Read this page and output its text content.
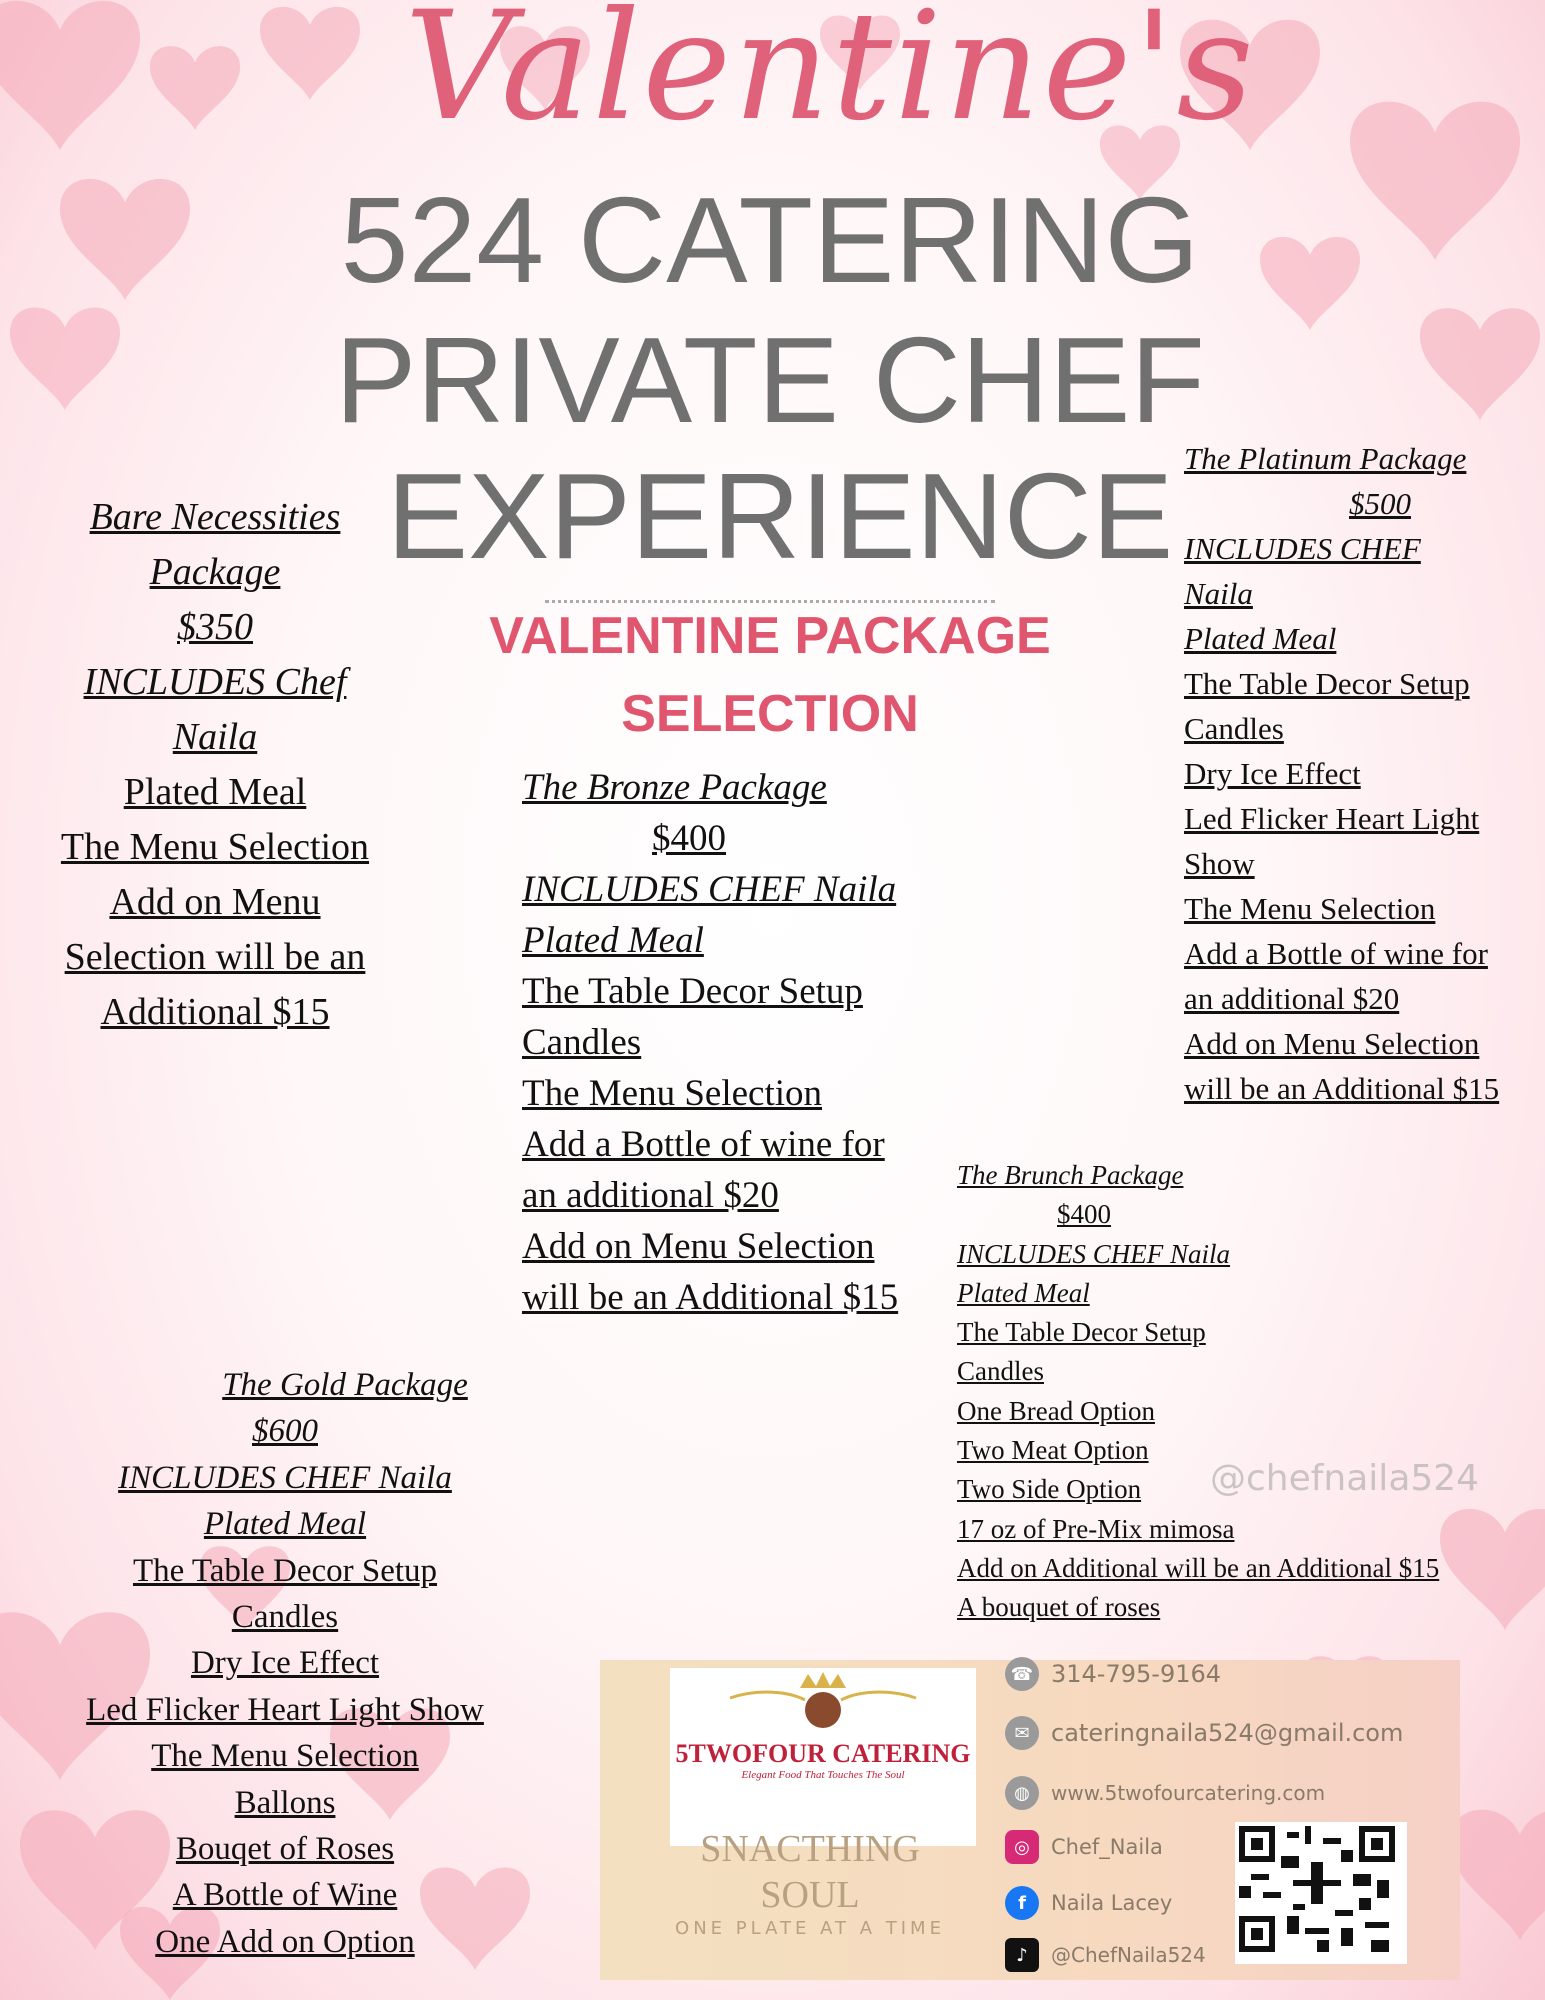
Valentine's
524 CATERING
PRIVATE CHEF
EXPERIENCE
VALENTINE PACKAGE
SELECTION
Bare Necessities
Package
$350
INCLUDES Chef
Naila
Plated Meal
The Menu Selection
Add on Menu
Selection will be an
Additional $15
The Bronze Package
$400
INCLUDES CHEF Naila
Plated Meal
The Table Decor Setup
Candles
The Menu Selection
Add a Bottle of wine for
an additional $20
Add on Menu Selection
will be an Additional $15
The Platinum Package
$500
INCLUDES CHEF
Naila
Plated Meal
The Table Decor Setup
Candles
Dry Ice Effect
Led Flicker Heart Light
Show
The Menu Selection
Add a Bottle of wine for
an additional $20
Add on Menu Selection
will be an Additional $15
The Brunch Package
$400
INCLUDES CHEF Naila
Plated Meal
The Table Decor Setup
Candles
One Bread Option
Two Meat Option
Two Side Option
17 oz of Pre-Mix mimosa
Add on Additional will be an Additional $15
A bouquet of roses
@chefnaila524
The Gold Package
$600
INCLUDES CHEF Naila
Plated Meal
The Table Decor Setup
Candles
Dry Ice Effect
Led Flicker Heart Light Show
The Menu Selection
Ballons
Bouqet of Roses
A Bottle of Wine
One Add on Option
5TWOFOUR CATERING
Elegant Food That Touches The Soul
SNACTHING
SOUL
ONE PLATE AT A TIME
☎ 314-795-9164
✉ cateringnaila524@gmail.com
◍	www.5twofourcatering.com
◎	Chef_Naila
f	Naila Lacey
♪	@ChefNaila524
